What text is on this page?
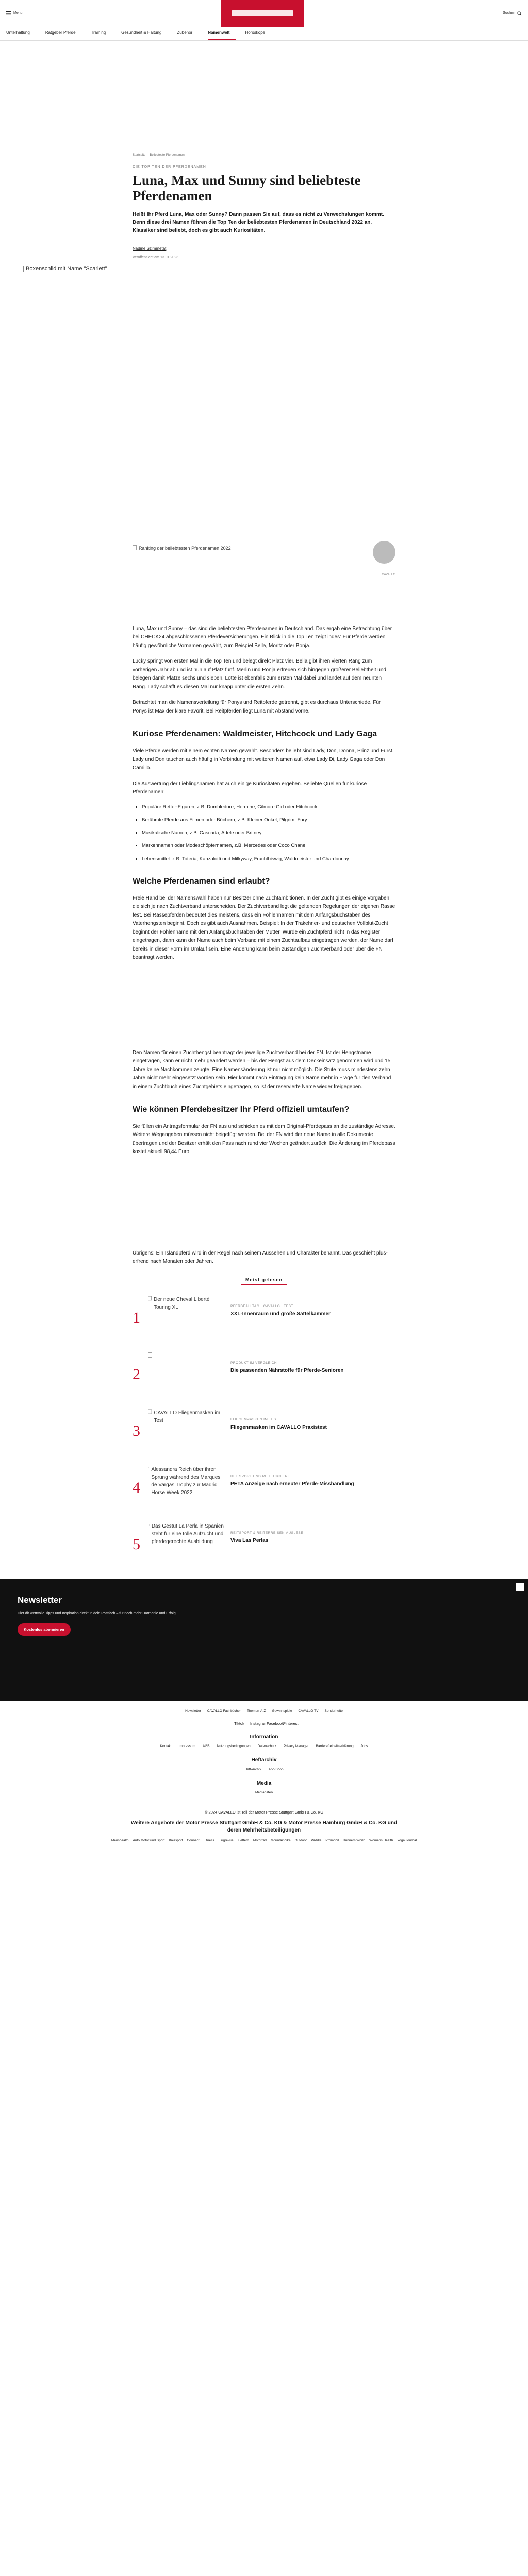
Menu	Suchen
Unterhaltung	Ratgeber Pferde	Training	Gesundheit & Haltung	Zubehör	Namenwelt	Horoskope
Startseite Beliebteste Pferdenamen
DIE TOP TEN DER PFERDENAMEN
Luna, Max und Sunny sind beliebteste Pferdenamen

Heißt Ihr Pferd Luna, Max oder Sunny? Dann passen Sie auf, dass es nicht zu Verwechslungen kommt. Denn diese drei Namen führen die Top Ten der beliebtesten Pferdenamen in Deutschland 2022 an. Klassiker sind beliebt, doch es gibt auch Kuriositäten.

Nadine Szimmetat
Veröffentlicht am 13.01.2023
Boxenschild mit Name "Scarlett"
Ranking der beliebtesten Pferdenamen 2022
CAVALLO

Luna, Max und Sunny – das sind die beliebtesten Pferdenamen in Deutschland. Das ergab eine Betrachtung über bei CHECK24 abgeschlossenen Pferdeversicherungen. Ein Blick in die Top Ten zeigt indes: Für Pferde werden häufig gewöhnliche Vornamen gewählt, zum Beispiel Bella, Moritz oder Bonja.

Lucky springt von ersten Mal in die Top Ten und belegt direkt Platz vier. Bella gibt ihren vierten Rang zum vorherigen Jahr ab und ist nun auf Platz fünf. Merlin und Ronja erfreuen sich hingegen größerer Beliebtheit und belegen damit Plätze sechs und sieben. Lotte ist ebenfalls zum ersten Mal dabei und landet auf dem neunten Rang. Lady schafft es diesen Mal nur knapp unter die ersten Zehn.

Betrachtet man die Namensverteilung für Ponys und Reitpferde getrennt, gibt es durchaus Unterschiede. Für Ponys ist Max der klare Favorit. Bei Reitpferden liegt Luna mit Abstand vorne.

Kuriose Pferdenamen: Waldmeister, Hitchcock und Lady Gaga

Viele Pferde werden mit einem echten Namen gewählt. Besonders beliebt sind Lady, Don, Donna, Prinz und Fürst. Lady und Don tauchen auch häufig in Verbindung mit weiteren Namen auf, etwa Lady Di, Lady Gaga oder Don Camillo.

Die Auswertung der Lieblingsnamen hat auch einige Kuriositäten ergeben. Beliebte Quellen für kuriose Pferdenamen:

• Populäre Retter-Figuren, z.B. Dumbledore, Hermine, Gilmore Girl oder Hitchcock
• Berühmte Pferde aus Filmen oder Büchern, z.B. Kleiner Onkel, Pilgrim, Fury
• Musikalische Namen, z.B. Cascada, Adele oder Britney
• Markennamen oder Modeschöpfernamen, z.B. Mercedes oder Coco Chanel
• Lebensmittel: z.B. Toteria, Kanzalotti und Milkyway, Fruchtbiswig, Waldmeister und Chardonnay
Welche Pferdenamen sind erlaubt?

Freie Hand bei der Namenswahl haben nur Besitzer ohne Zuchtambitionen. In der Zucht gibt es einige Vorgaben, die sich je nach Zuchtverband unterscheiden. Der Zuchtverband legt die geltenden Regelungen der eigenen Rasse fest. Bei Rassepferden bedeutet dies meistens, dass ein Fohlennamen mit dem Anfangsbuchstaben des Vaterhengsten beginnt. Doch es gibt auch Ausnahmen. Beispiel: In der Trakehner- und deutschen Vollblut-Zucht beginnt der Fohlenname mit dem Anfangsbuchstaben der Mutter. Wurde ein Zuchtpferd nicht in das Register eingetragen, dann kann der Name auch beim Verband mit einem Zuchtaufbau eingetragen werden, der Name darf bereits in dieser Form im Umlauf sein. Eine Änderung kann beim zuständigen Zuchtverband oder über die FN beantragt werden.

Den Namen für einen Zuchthengst beantragt der jeweilige Zuchtverband bei der FN. Ist der Hengstname eingetragen, kann er nicht mehr geändert werden – bis der Hengst aus dem Deckeinsatz genommen wird und 15 Jahre keine Nachkommen zeugte. Eine Namensänderung ist nur nicht möglich. Die Stute muss mindestens zehn Jahre nicht mehr eingesetzt worden sein. Hier kommt nach Eintragung kein Name mehr in Frage für den Verband in einem Zuchtbuch eines Zuchtgebiets eingetragen, so ist der reservierte Name wieder freigegeben.

Wie können Pferdebesitzer Ihr Pferd offiziell umtaufen?

Sie füllen ein Antragsformular der FN aus und schicken es mit dem Original-Pferdepass an die zuständige Adresse. Weitere Wegangaben müssen nicht beigefügt werden. Bei der FN wird der neue Name in alle Dokumente übertragen und der Besitzer erhält den Pass nach rund vier Wochen geändert zurück. Die Änderung im Pferdepass kostet aktuell 98,44 Euro.

Übrigens: Ein Islandpferd wird in der Regel nach seinem Aussehen und Charakter benannt. Das geschieht plus-erfrend nach Monaten oder Jahren.

Meist gelesen
1
Der neue Cheval Liberté Touring XL	PFERDEALLTAG · CAVALLO · TEST
XXL-Innenraum und große Sattelkammer
2
PRODUKT IM VERGLEICH
Die passenden Nährstoffe für Pferde-Senioren
3
CAVALLO Fliegenmasken im Test	FLIEGENMASKEN IM TEST
Fliegenmasken im CAVALLO Praxistest
4
Alessandra Reich über ihren Sprung während des Marques de Vargas Trophy zur Madrid Horse Week 2022
REITSPORT UND REITTURNIERE
PETA Anzeige nach erneuter Pferde-Misshandlung
5
Das Gestüt La Perla in Spanien steht für eine tolle Aufzucht und pferdegerechte Ausbildung
REITSPORT & REITERREISEN-AUSLESE
Viva Las Perlas
Newsletter

Hier dir wertvolle Tipps und Inspiration direkt in dein Postfach – für noch mehr Harmonie und Erfolg!

Kostenlos abonnieren
Newsletter CAVALLO Fachbücher Themen-A-Z Gewinnspiele CAVALLO TV Sonderhefte
Tiktok Instagram
Facebook Pinterest
Information
Kontakt Impressum AGB Nutzungsbedingungen Datenschutz Privacy Manager Barrierefreiheitserklärung Jobs
Heftarchiv
Heft-Archiv Abo-Shop
Media
Mediadaten
© 2024 CAVALLO ist Teil der Motor Presse Stuttgart GmbH & Co. KG
Weitere Angebote der Motor Presse Stuttgart GmbH & Co. KG & Motor Presse Hamburg GmbH & Co. KG und deren Mehrheitsbeteiligungen
Menshealth Auto Motor und Sport Bikesport Connect Fitness Flugrevue Klettern Motorrad Mountainbike Outdoor Paddle Promobil Runners World Womens Health Yoga Journal
